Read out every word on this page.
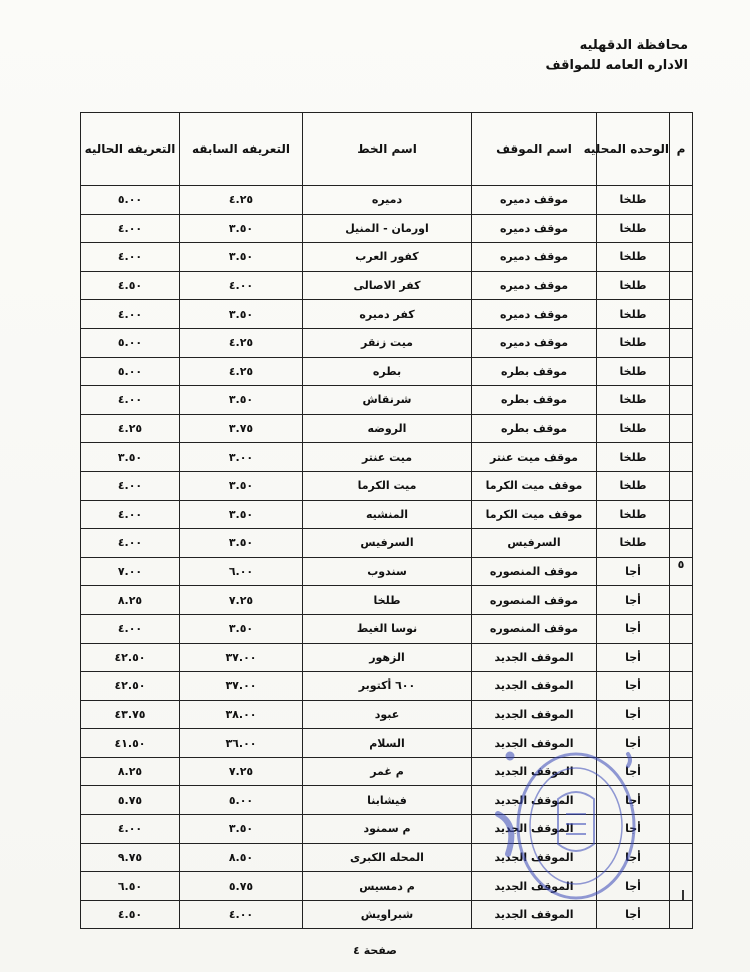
محافظة الدقهليه
الاداره العامه للمواقف
م	الوحده المحليه	اسم الموقف	اسم الخط	التعريفه السابقه	التعريفه الحاليه
	طلخا	موقف دميره	دميره	٤.٢٥	٥.٠٠
	طلخا	موقف دميره	اورمان - المنيل	٣.٥٠	٤.٠٠
	طلخا	موقف دميره	كفور العرب	٣.٥٠	٤.٠٠
	طلخا	موقف دميره	كفر الاصالى	٤.٠٠	٤.٥٠
	طلخا	موقف دميره	كفر دميره	٣.٥٠	٤.٠٠
	طلخا	موقف دميره	ميت زنقر	٤.٢٥	٥.٠٠
	طلخا	موقف بطره	بطره	٤.٢٥	٥.٠٠
	طلخا	موقف بطره	شرنقاش	٣.٥٠	٤.٠٠
	طلخا	موقف بطره	الروضه	٣.٧٥	٤.٢٥
	طلخا	موقف ميت عنتر	ميت عنتر	٣.٠٠	٣.٥٠
	طلخا	موقف ميت الكرما	ميت الكرما	٣.٥٠	٤.٠٠
	طلخا	موقف ميت الكرما	المنشيه	٣.٥٠	٤.٠٠
	طلخا	السرفيس	السرفيس	٣.٥٠	٤.٠٠
٥	أجا	موقف المنصوره	سندوب	٦.٠٠	٧.٠٠
	أجا	موقف المنصوره	طلخا	٧.٢٥	٨.٢٥
	أجا	موقف المنصوره	نوسا الغيط	٣.٥٠	٤.٠٠
	أجا	الموقف الجديد	الزهور	٣٧.٠٠	٤٢.٥٠
	أجا	الموقف الجديد	٦٠٠ أكتوبر	٣٧.٠٠	٤٢.٥٠
	أجا	الموقف الجديد	عبود	٣٨.٠٠	٤٣.٧٥
	أجا	الموقف الجديد	السلام	٣٦.٠٠	٤١.٥٠
	أجا	الموقف الجديد	م غمر	٧.٢٥	٨.٢٥
	أجا	الموقف الجديد	فيشابنا	٥.٠٠	٥.٧٥
	أجا	الموقف الجديد	م سمنود	٣.٥٠	٤.٠٠
	أجا	الموقف الجديد	المحله الكبرى	٨.٥٠	٩.٧٥
	أجا	الموقف الجديد	م دمسيس	٥.٧٥	٦.٥٠
	أجا	الموقف الجديد	شبراويش	٤.٠٠	٤.٥٠
صفحة ٤
